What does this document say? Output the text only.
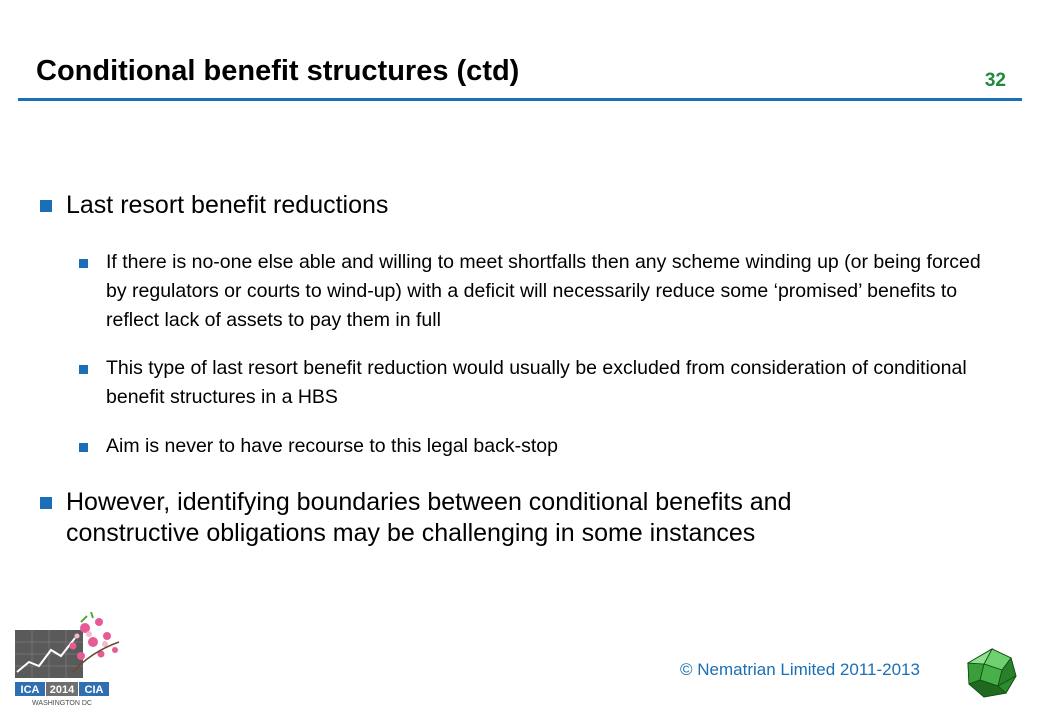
Conditional benefit structures (ctd)	32
Last resort benefit reductions
If there is no-one else able and willing to meet shortfalls then any scheme winding up (or being forced by regulators or courts to wind-up) with a deficit will necessarily reduce some ‘promised’ benefits to reflect lack of assets to pay them in full
This type of last resort benefit reduction would usually be excluded from consideration of conditional benefit structures in a HBS
Aim is never to have recourse to this legal back-stop
However, identifying boundaries between conditional benefits and constructive obligations may be challenging in some instances
ICA 2014 CIA
WASHINGTON DC
© Nematrian Limited 2011-2013
